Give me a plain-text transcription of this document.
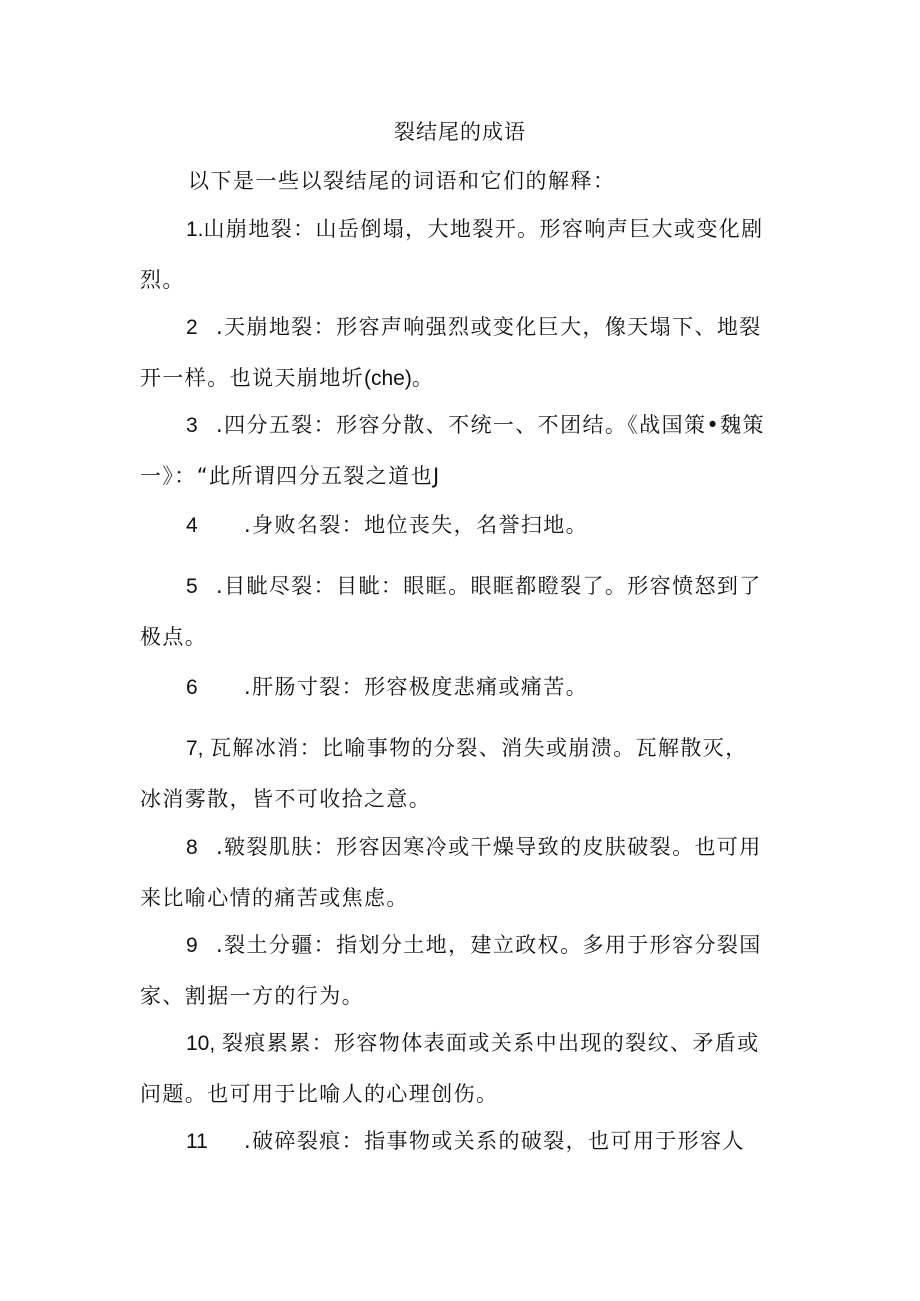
裂结尾的成语
以下是一些以裂结尾的词语和它们的解释：
1.山崩地裂：山岳倒塌，大地裂开。形容响声巨大或变化剧
烈。
2 .天崩地裂：形容声响强烈或变化巨大，像天塌下、地裂
开一样。也说天崩地圻(che)。
3 .四分五裂：形容分散、不统一、不团结。《战国策•魏策
一》：“此所谓四分五裂之道也J
4 .身败名裂：地位丧失，名誉扫地。
5 .目眦尽裂：目眦：眼眶。眼眶都瞪裂了。形容愤怒到了
极点。
6 .肝肠寸裂：形容极度悲痛或痛苦。
7, 瓦解冰消：比喻事物的分裂、消失或崩溃。瓦解散灭，
冰消雾散，皆不可收拾之意。
8 .皲裂肌肤：形容因寒冷或干燥导致的皮肤破裂。也可用
来比喻心情的痛苦或焦虑。
9 .裂土分疆：指划分土地，建立政权。多用于形容分裂国
家、割据一方的行为。
10, 裂痕累累：形容物体表面或关系中出现的裂纹、矛盾或
问题。也可用于比喻人的心理创伤。
11 .破碎裂痕：指事物或关系的破裂，也可用于形容人
